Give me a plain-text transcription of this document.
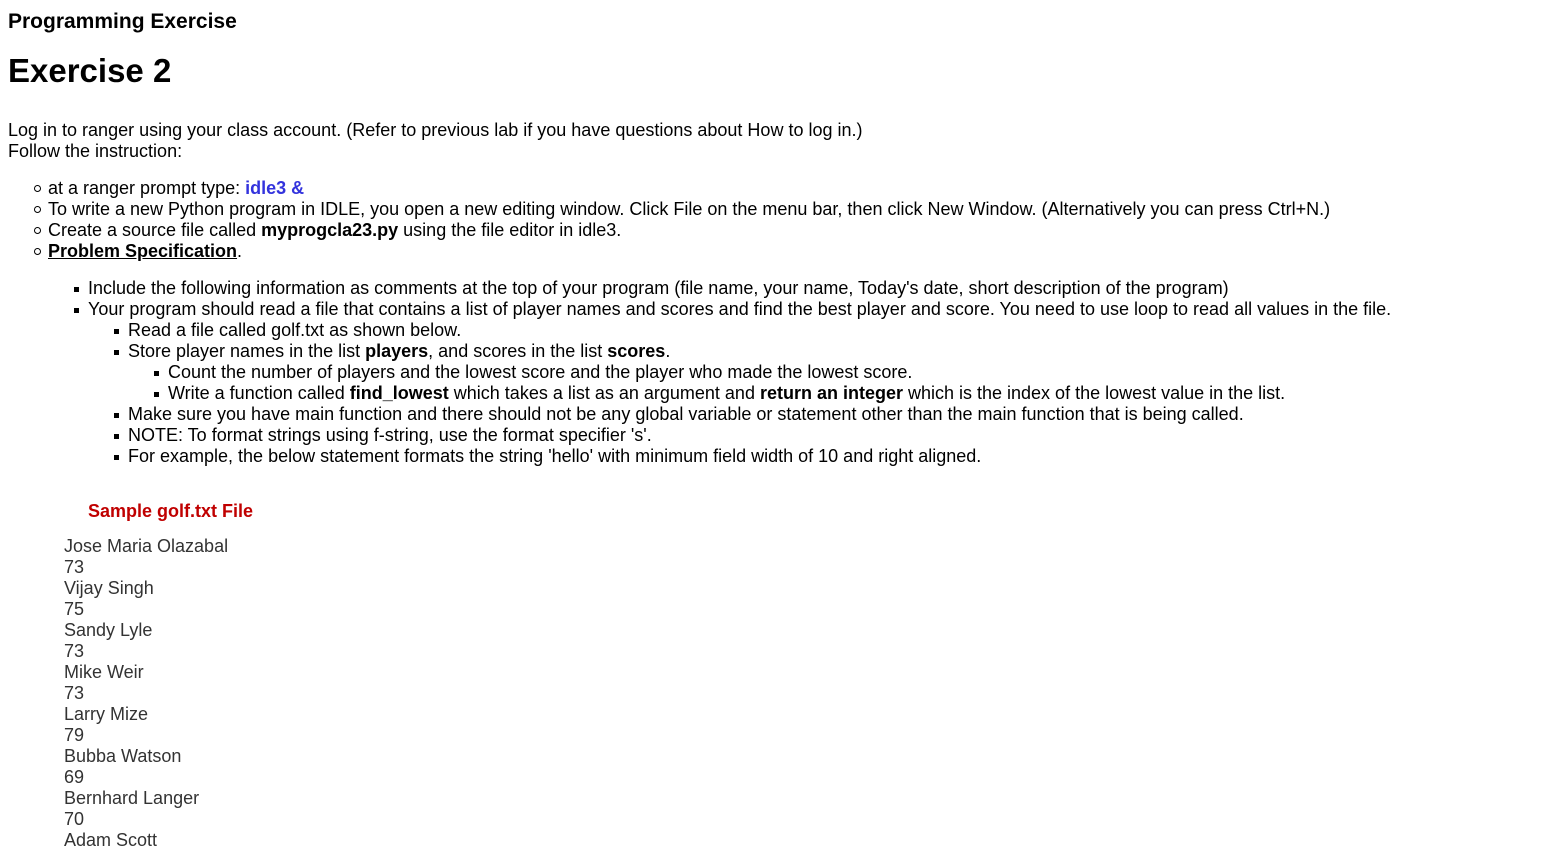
Programming Exercise
Exercise 2

Log in to ranger using your class account. (Refer to previous lab if you have questions about How to log in.)

Follow the instruction:

at a ranger prompt type: idle3 &
To write a new Python program in IDLE, you open a new editing window. Click File on the menu bar, then click New Window. (Alternatively you can press Ctrl+N.)
Create a source file called myprogcla23.py using the file editor in idle3.
Problem Specification.
Include the following information as comments at the top of your program (file name, your name, Today's date, short description of the program)
Your program should read a file that contains a list of player names and scores and find the best player and score. You need to use loop to read all values in the file.
Read a file called golf.txt as shown below.
Store player names in the list players, and scores in the list scores.
Count the number of players and the lowest score and the player who made the lowest score.
Write a function called find_lowest which takes a list as an argument and return an integer which is the index of the lowest value in the list.
Make sure you have main function and there should not be any global variable or statement other than the main function that is being called.
NOTE: To format strings using f-string, use the format specifier 's'.
For example, the below statement formats the string 'hello' with minimum field width of 10 and right aligned.
Sample golf.txt File
Jose Maria Olazabal
73
Vijay Singh
75
Sandy Lyle
73
Mike Weir
73
Larry Mize
79
Bubba Watson
69
Bernhard Langer
70
Adam Scott
